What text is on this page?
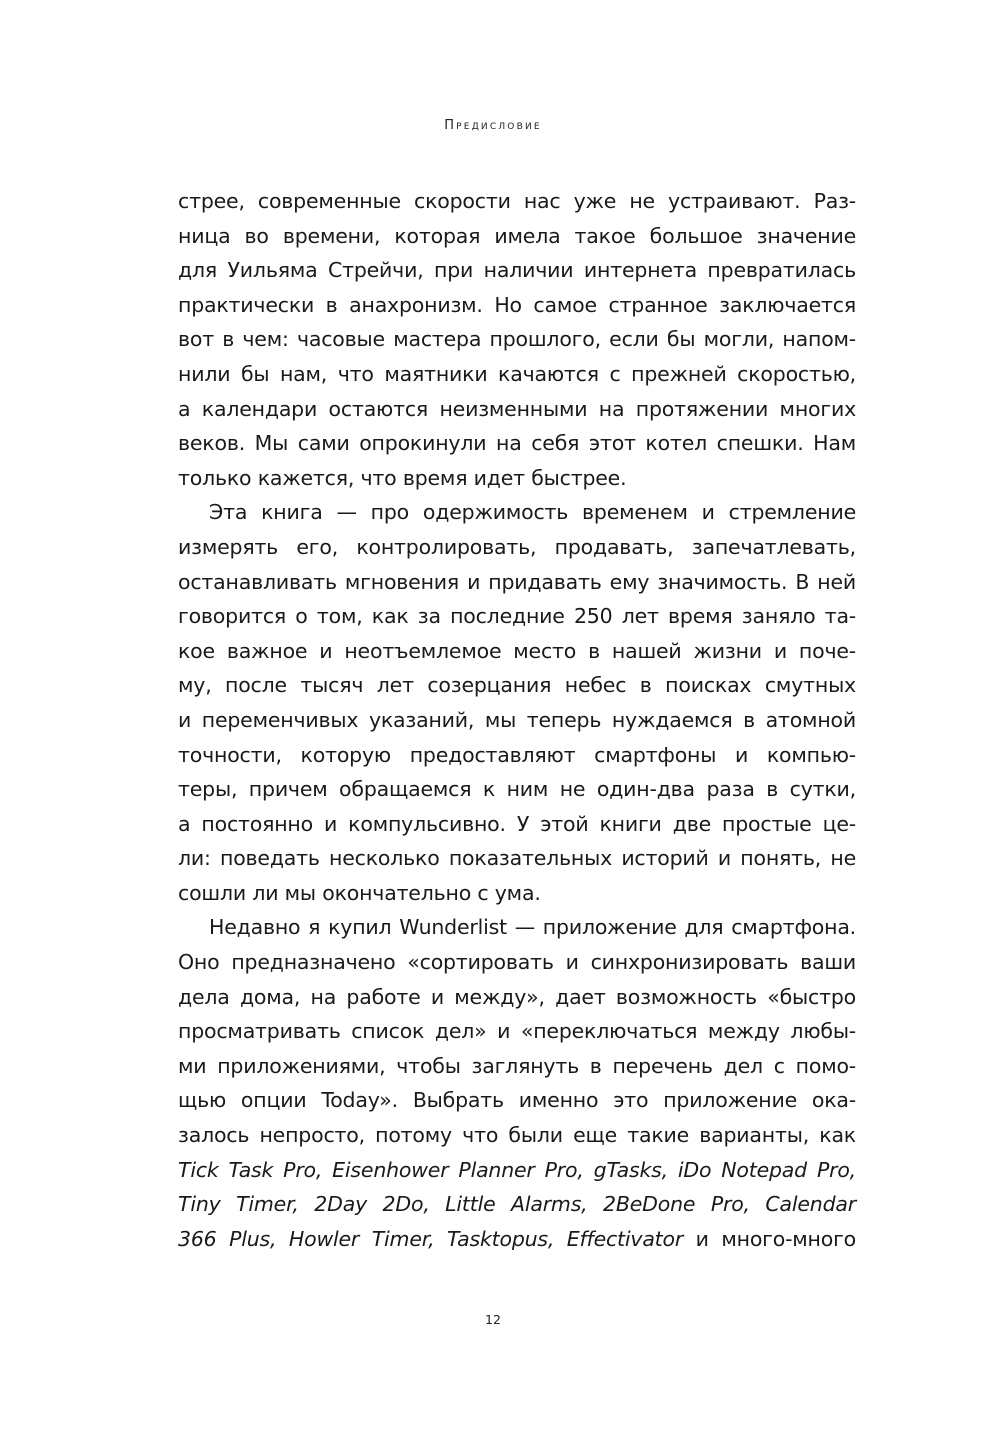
Предисловие
стрее, современные скорости нас уже не устраивают. Раз-
ница во времени, которая имела такое большое значение
для Уильяма Стрейчи, при наличии интернета превратилась
практически в анахронизм. Но самое странное заключается
вот в чем: часовые мастера прошлого, если бы могли, напом-
нили бы нам, что маятники качаются с прежней скоростью,
а календари остаются неизменными на протяжении многих
веков. Мы сами опрокинули на себя этот котел спешки. Нам
только кажется, что время идет быстрее.
Эта книга — про одержимость временем и стремление
измерять его, контролировать, продавать, запечатлевать,
останавливать мгновения и придавать ему значимость. В ней
говорится о том, как за последние 250 лет время заняло та-
кое важное и неотъемлемое место в нашей жизни и поче-
му, после тысяч лет созерцания небес в поисках смутных
и переменчивых указаний, мы теперь нуждаемся в атомной
точности, которую предоставляют смартфоны и компью-
теры, причем обращаемся к ним не один-два раза в сутки,
а постоянно и компульсивно. У этой книги две простые це-
ли: поведать несколько показательных историй и понять, не
сошли ли мы окончательно с ума.
Недавно я купил Wunderlist — приложение для смартфона.
Оно предназначено «сортировать и синхронизировать ваши
дела дома, на работе и между», дает возможность «быстро
просматривать список дел» и «переключаться между любы-
ми приложениями, чтобы заглянуть в перечень дел с помо-
щью опции Today». Выбрать именно это приложение ока-
залось непросто, потому что были еще такие варианты, как
Tick Task Pro, Eisenhower Planner Pro, gTasks, iDo Notepad Pro,
Tiny Timer, 2Day 2Do, Little Alarms, 2BeDone Pro, Calendar
366 Plus, Howler Timer, Tasktopus, Effectivator и много-много
12
